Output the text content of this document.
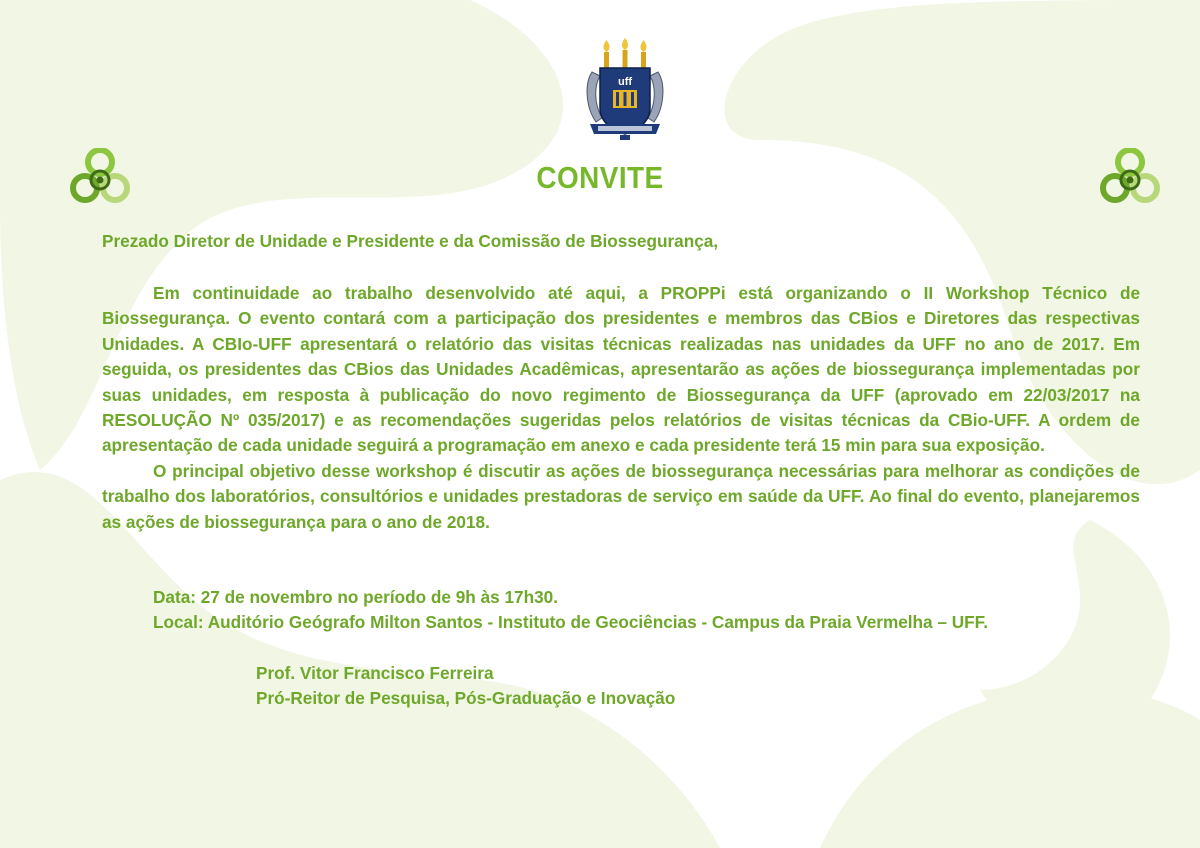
uff
CONVITE
Prezado Diretor de Unidade e Presidente e da Comissão de Biossegurança,

Em continuidade ao trabalho desenvolvido até aqui, a PROPPi está organizando o II Workshop Técnico de Biossegurança. O evento contará com a participação dos presidentes e membros das CBios e Diretores das respectivas Unidades. A CBIo-UFF apresentará o relatório das visitas técnicas realizadas nas unidades da UFF no ano de 2017. Em seguida, os presidentes das CBios das Unidades Acadêmicas, apresentarão as ações de biossegurança implementadas por suas unidades, em resposta à publicação do novo regimento de Biossegurança da UFF (aprovado em 22/03/2017 na RESOLUÇÃO Nº 035/2017) e as recomendações sugeridas pelos relatórios de visitas técnicas da CBio-UFF. A ordem de apresentação de cada unidade seguirá a programação em anexo e cada presidente terá 15 min para sua exposição.

O principal objetivo desse workshop é discutir as ações de biossegurança necessárias para melhorar as condições de trabalho dos laboratórios, consultórios e unidades prestadoras de serviço em saúde da UFF. Ao final do evento, planejaremos as ações de biossegurança para o ano de 2018.

Data: 27 de novembro no período de 9h às 17h30.
Local: Auditório Geógrafo Milton Santos - Instituto de Geociências - Campus da Praia Vermelha – UFF.
Prof. Vitor Francisco Ferreira
Pró-Reitor de Pesquisa, Pós-Graduação e Inovação
